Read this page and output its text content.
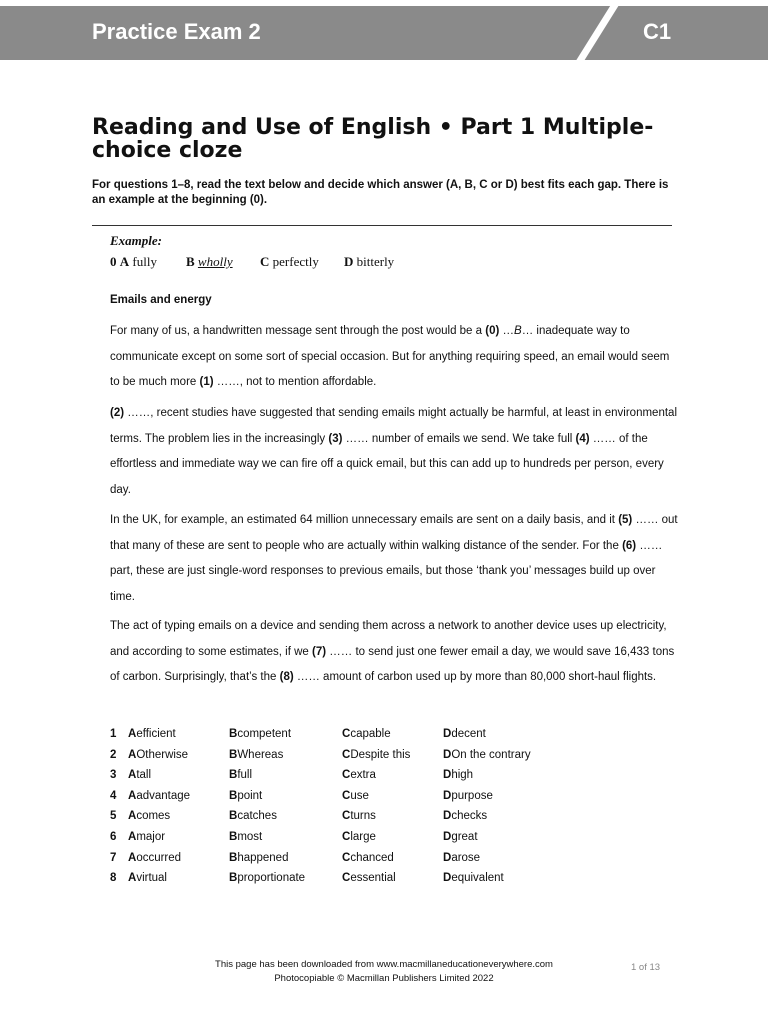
Practice Exam 2	C1
Reading and Use of English • Part 1 Multiple-choice cloze
For questions 1–8, read the text below and decide which answer (A, B, C or D) best fits each gap. There is an example at the beginning (0).
Example:
0 A fully B wholly C perfectly D bitterly
Emails and energy
For many of us, a handwritten message sent through the post would be a (0) …B… inadequate way to communicate except on some sort of special occasion. But for anything requiring speed, an email would seem to be much more (1) ……, not to mention affordable.
(2) ……, recent studies have suggested that sending emails might actually be harmful, at least in environmental terms. The problem lies in the increasingly (3) …… number of emails we send. We take full (4) …… of the effortless and immediate way we can fire off a quick email, but this can add up to hundreds per person, every day.
In the UK, for example, an estimated 64 million unnecessary emails are sent on a daily basis, and it (5) …… out that many of these are sent to people who are actually within walking distance of the sender. For the (6) …… part, these are just single-word responses to previous emails, but those ‘thank you’ messages build up over time.
The act of typing emails on a device and sending them across a network to another device uses up electricity, and according to some estimates, if we (7) …… to send just one fewer email a day, we would save 16,433 tons of carbon. Surprisingly, that’s the (8) …… amount of carbon used up by more than 80,000 short-haul flights.
1 A efficient	B competent	C capable	D decent
2 A Otherwise	B Whereas	C Despite this	D On the contrary
3 A tall	B full	C extra	D high
4 A advantage	B point	C use	D purpose
5 A comes	B catches	C turns	D checks
6 A major	B most	C large	D great
7 A occurred	B happened	C chanced	D arose
8 A virtual	B proportionate	C essential	D equivalent
This page has been downloaded from www.macmillaneducationeverywhere.com
Photocopiable © Macmillan Publishers Limited 2022
1 of 13
